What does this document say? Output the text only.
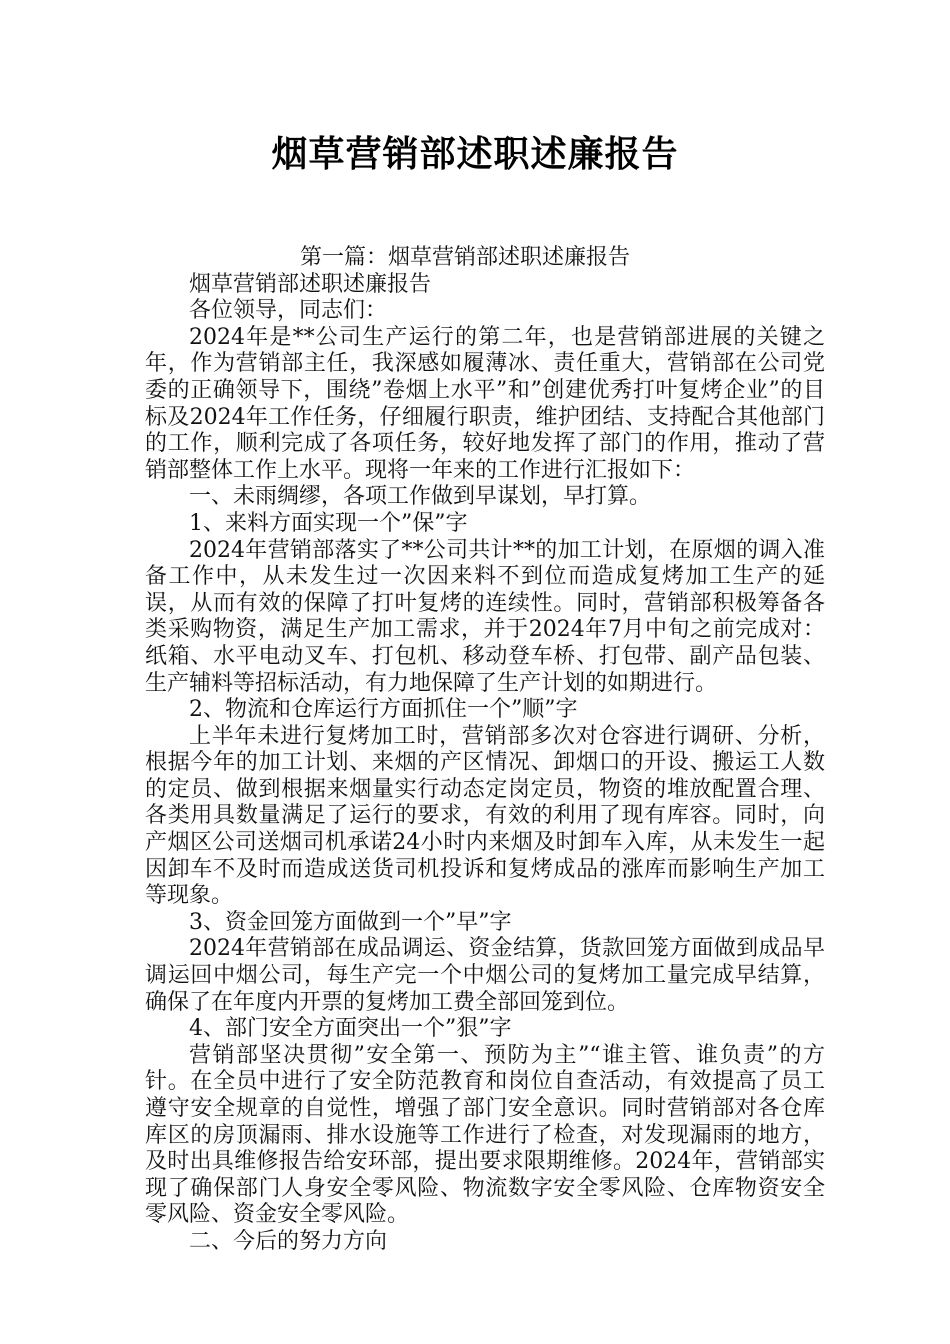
烟草营销部述职述廉报告

第一篇：烟草营销部述职述廉报告

烟草营销部述职述廉报告

各位领导，同志们：

2024年是**公司生产运行的第二年，也是营销部进展的关键之年，作为营销部主任，我深感如履薄冰、责任重大，营销部在公司党委的正确领导下，围绕”卷烟上水平”和”创建优秀打叶复烤企业”的目标及2024年工作任务，仔细履行职责，维护团结、支持配合其他部门的工作，顺利完成了各项任务，较好地发挥了部门的作用，推动了营销部整体工作上水平。现将一年来的工作进行汇报如下：

一、未雨绸缪，各项工作做到早谋划，早打算。

1、来料方面实现一个”保”字

2024年营销部落实了**公司共计**的加工计划，在原烟的调入准备工作中，从未发生过一次因来料不到位而造成复烤加工生产的延误，从而有效的保障了打叶复烤的连续性。同时，营销部积极筹备各类采购物资，满足生产加工需求，并于2024年7月中旬之前完成对：纸箱、水平电动叉车、打包机、移动登车桥、打包带、副产品包装、生产辅料等招标活动，有力地保障了生产计划的如期进行。

2、物流和仓库运行方面抓住一个”顺”字

上半年未进行复烤加工时，营销部多次对仓容进行调研、分析，根据今年的加工计划、来烟的产区情况、卸烟口的开设、搬运工人数的定员、做到根据来烟量实行动态定岗定员，物资的堆放配置合理、各类用具数量满足了运行的要求，有效的利用了现有库容。同时，向产烟区公司送烟司机承诺24小时内来烟及时卸车入库，从未发生一起因卸车不及时而造成送货司机投诉和复烤成品的涨库而影响生产加工等现象。

3、资金回笼方面做到一个”早”字

2024年营销部在成品调运、资金结算，货款回笼方面做到成品早调运回中烟公司，每生产完一个中烟公司的复烤加工量完成早结算，确保了在年度内开票的复烤加工费全部回笼到位。

4、部门安全方面突出一个”狠”字

营销部坚决贯彻”安全第一、预防为主”“谁主管、谁负责”的方针。在全员中进行了安全防范教育和岗位自查活动，有效提高了员工遵守安全规章的自觉性，增强了部门安全意识。同时营销部对各仓库库区的房顶漏雨、排水设施等工作进行了检查，对发现漏雨的地方，及时出具维修报告给安环部，提出要求限期维修。2024年，营销部实现了确保部门人身安全零风险、物流数字安全零风险、仓库物资安全零风险、资金安全零风险。

二、今后的努力方向
